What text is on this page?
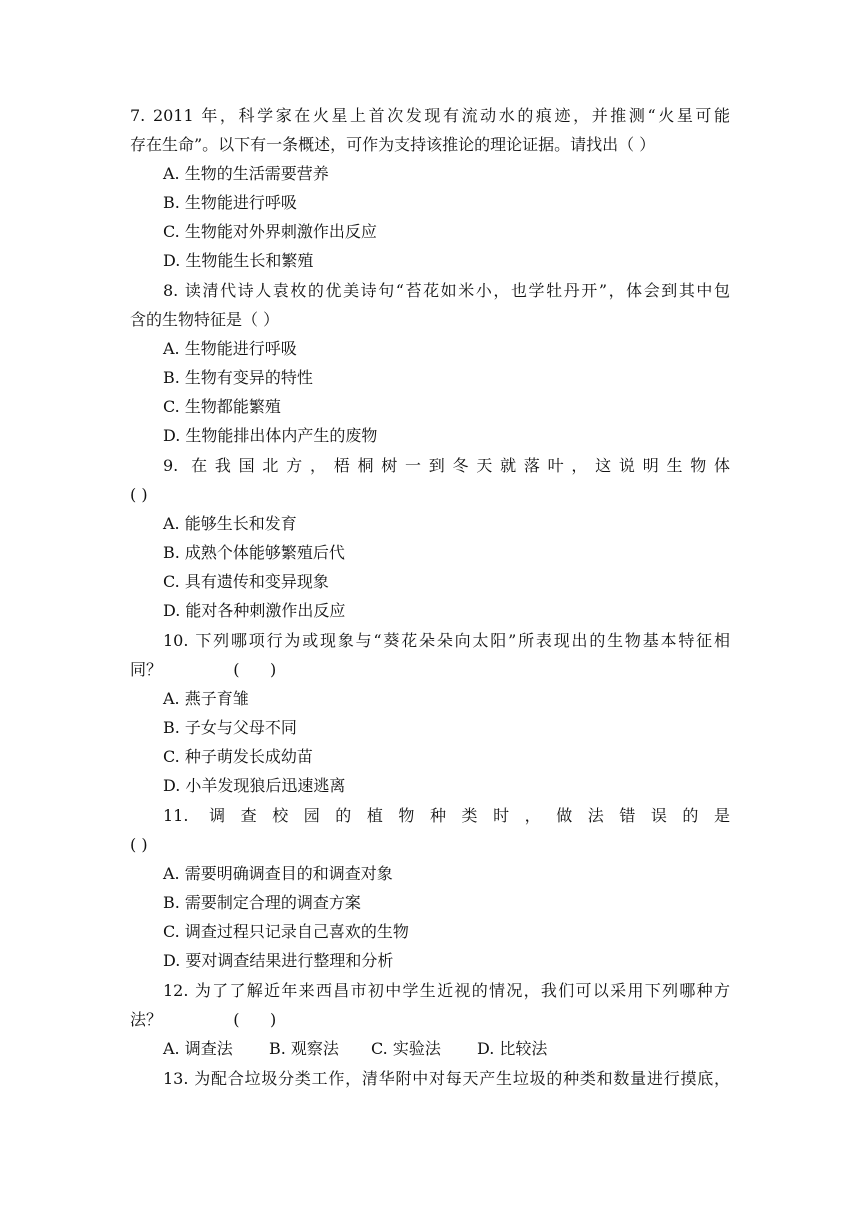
7. 2011 年，科学家在火星上首次发现有流动水的痕迹，并推测“火星可能
存在生命”。以下有一条概述，可作为支持该推论的理论证据。请找出（ ）
A. 生物的生活需要营养
B. 生物能进行呼吸
C. 生物能对外界刺激作出反应
D. 生物能生长和繁殖
8. 读清代诗人袁枚的优美诗句“苔花如米小，也学牡丹开”，体会到其中包
含的生物特征是（ ）
A. 生物能进行呼吸
B. 生物有变异的特性
C. 生物都能繁殖
D. 生物能排出体内产生的废物
9. 在我国北方，梧桐树一到冬天就落叶，这说明生物体
( )
A. 能够生长和发育
B. 成熟个体能够繁殖后代
C. 具有遗传和变异现象
D. 能对各种刺激作出反应
10. 下列哪项行为或现象与“葵花朵朵向太阳”所表现出的生物基本特征相
同？              (      )
A. 燕子育雏
B. 子女与父母不同
C. 种子萌发长成幼苗
D. 小羊发现狼后迅速逃离
11. 调查校园的植物种类时，做法错误的是
( )
A. 需要明确调查目的和调查对象
B. 需要制定合理的调查方案
C. 调查过程只记录自己喜欢的生物
D. 要对调查结果进行整理和分析
12. 为了了解近年来西昌市初中学生近视的情况，我们可以采用下列哪种方
法？              (      )
A. 调查法	B. 观察法	C. 实验法	D. 比较法
13. 为配合垃圾分类工作，清华附中对每天产生垃圾的种类和数量进行摸底，
